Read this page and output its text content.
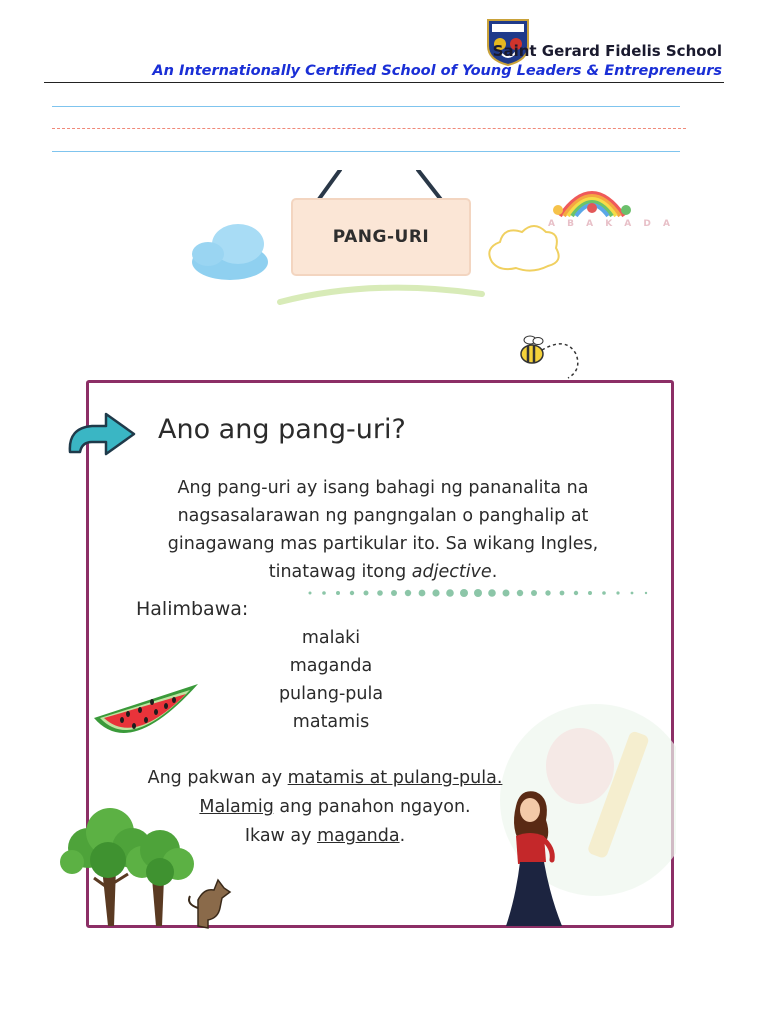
Saint Gerard Fidelis School
An Internationally Certified School of Young Leaders & Entrepreneurs
PANG-URI
A B A K A D A
Ano ang pang-uri?
Ang pang-uri ay isang bahagi ng pananalita na
nagsasalarawan ng pangngalan o panghalip at
ginagawang mas partikular ito. Sa wikang Ingles,
tinatawag itong adjective.
Halimbawa:
malaki
maganda
pulang-pula
matamis
Ang pakwan ay matamis at pulang-pula.
Malamig ang panahon ngayon.
Ikaw ay maganda.
